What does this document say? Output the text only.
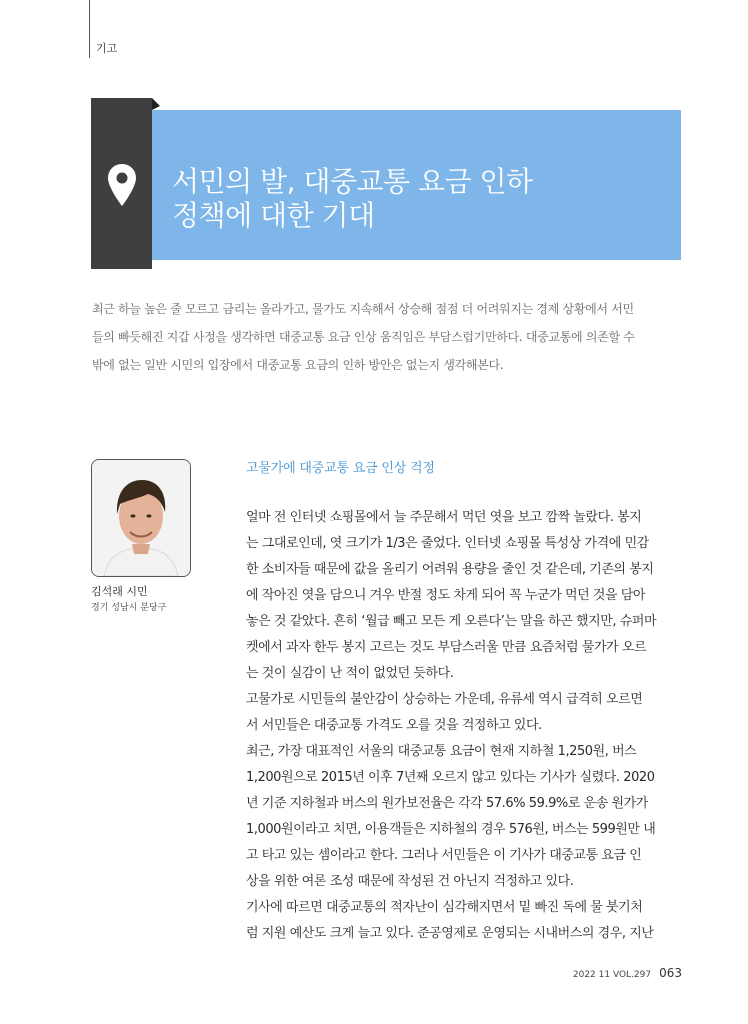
기고
서민의 발, 대중교통 요금 인하
정책에 대한 기대
최근 하늘 높은 줄 모르고 금리는 올라가고, 물가도 지속해서 상승해 점점 더 어려워지는 경제 상황에서 서민
들의 빠듯해진 지갑 사정을 생각하면 대중교통 요금 인상 움직임은 부담스럽기만하다. 대중교통에 의존할 수
밖에 없는 일반 시민의 입장에서 대중교통 요금의 인하 방안은 없는지 생각해본다.
김석래 시민
경기 성남시 분당구
고물가에 대중교통 요금 인상 걱정
얼마 전 인터넷 쇼핑몰에서 늘 주문해서 먹던 엿을 보고 깜짝 놀랐다. 봉지
는 그대로인데, 엿 크기가 1/3은 줄었다. 인터넷 쇼핑몰 특성상 가격에 민감
한 소비자들 때문에 값을 올리기 어려워 용량을 줄인 것 같은데, 기존의 봉지
에 작아진 엿을 담으니 겨우 반절 정도 차게 되어 꼭 누군가 먹던 것을 담아
놓은 것 같았다. 흔히 ‘월급 빼고 모든 게 오른다’는 말을 하곤 했지만, 슈퍼마
켓에서 과자 한두 봉지 고르는 것도 부담스러울 만큼 요즘처럼 물가가 오르
는 것이 실감이 난 적이 없었던 듯하다.
고물가로 시민들의 불안감이 상승하는 가운데, 유류세 역시 급격히 오르면
서 서민들은 대중교통 가격도 오를 것을 걱정하고 있다.
최근, 가장 대표적인 서울의 대중교통 요금이 현재 지하철 1,250원, 버스
1,200원으로 2015년 이후 7년째 오르지 않고 있다는 기사가 실렸다. 2020
년 기준 지하철과 버스의 원가보전율은 각각 57.6% 59.9%로 운송 원가가
1,000원이라고 치면, 이용객들은 지하철의 경우 576원, 버스는 599원만 내
고 타고 있는 셈이라고 한다. 그러나 서민들은 이 기사가 대중교통 요금 인
상을 위한 여론 조성 때문에 작성된 건 아닌지 걱정하고 있다.
기사에 따르면 대중교통의 적자난이 심각해지면서 밑 빠진 독에 물 붓기처
럼 지원 예산도 크게 늘고 있다. 준공영제로 운영되는 시내버스의 경우, 지난
2022 11 VOL.297 063
